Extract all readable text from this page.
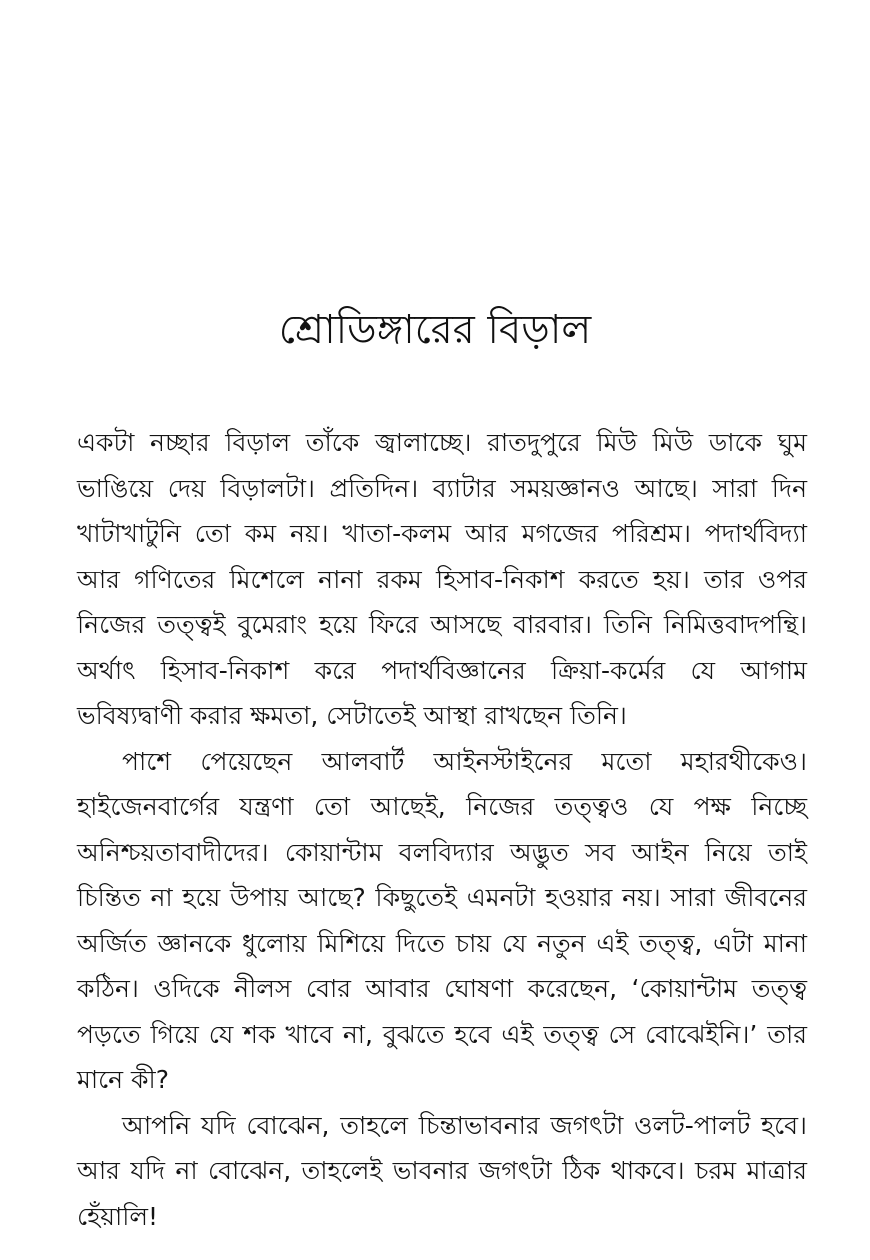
শ্রোডিঙ্গারের বিড়াল

একটা নচ্ছার বিড়াল তাঁকে জ্বালাচ্ছে। রাতদুপুরে মিউ মিউ ডাকে ঘুম ভাঙিয়ে দেয় বিড়ালটা। প্রতিদিন। ব্যাটার সময়জ্ঞানও আছে। সারা দিন খাটাখাটুনি তো কম নয়। খাতা-কলম আর মগজের পরিশ্রম। পদার্থবিদ্যা আর গণিতের মিশেলে নানা রকম হিসাব-নিকাশ করতে হয়। তার ওপর নিজের তত্ত্বই বুমেরাং হয়ে ফিরে আসছে বারবার। তিনি নিমিত্তবাদপন্থি। অর্থাৎ হিসাব-নিকাশ করে পদার্থবিজ্ঞানের ক্রিয়া-কর্মের যে আগাম ভবিষ্যদ্বাণী করার ক্ষমতা, সেটাতেই আস্থা রাখছেন তিনি।

পাশে পেয়েছেন আলবার্ট আইনস্টাইনের মতো মহারথীকেও। হাইজেনবার্গের যন্ত্রণা তো আছেই, নিজের তত্ত্বও যে পক্ষ নিচ্ছে অনিশ্চয়তাবাদীদের। কোয়ান্টাম বলবিদ্যার অদ্ভুত সব আইন নিয়ে তাই চিন্তিত না হয়ে উপায় আছে? কিছুতেই এমনটা হওয়ার নয়। সারা জীবনের অর্জিত জ্ঞানকে ধুলোয় মিশিয়ে দিতে চায় যে নতুন এই তত্ত্ব, এটা মানা কঠিন। ওদিকে নীলস বোর আবার ঘোষণা করেছেন, ‘কোয়ান্টাম তত্ত্ব পড়তে গিয়ে যে শক খাবে না, বুঝতে হবে এই তত্ত্ব সে বোঝেইনি।’ তার মানে কী?

আপনি যদি বোঝেন, তাহলে চিন্তাভাবনার জগৎটা ওলট-পালট হবে। আর যদি না বোঝেন, তাহলেই ভাবনার জগৎটা ঠিক থাকবে। চরম মাত্রার হেঁয়ালি!
